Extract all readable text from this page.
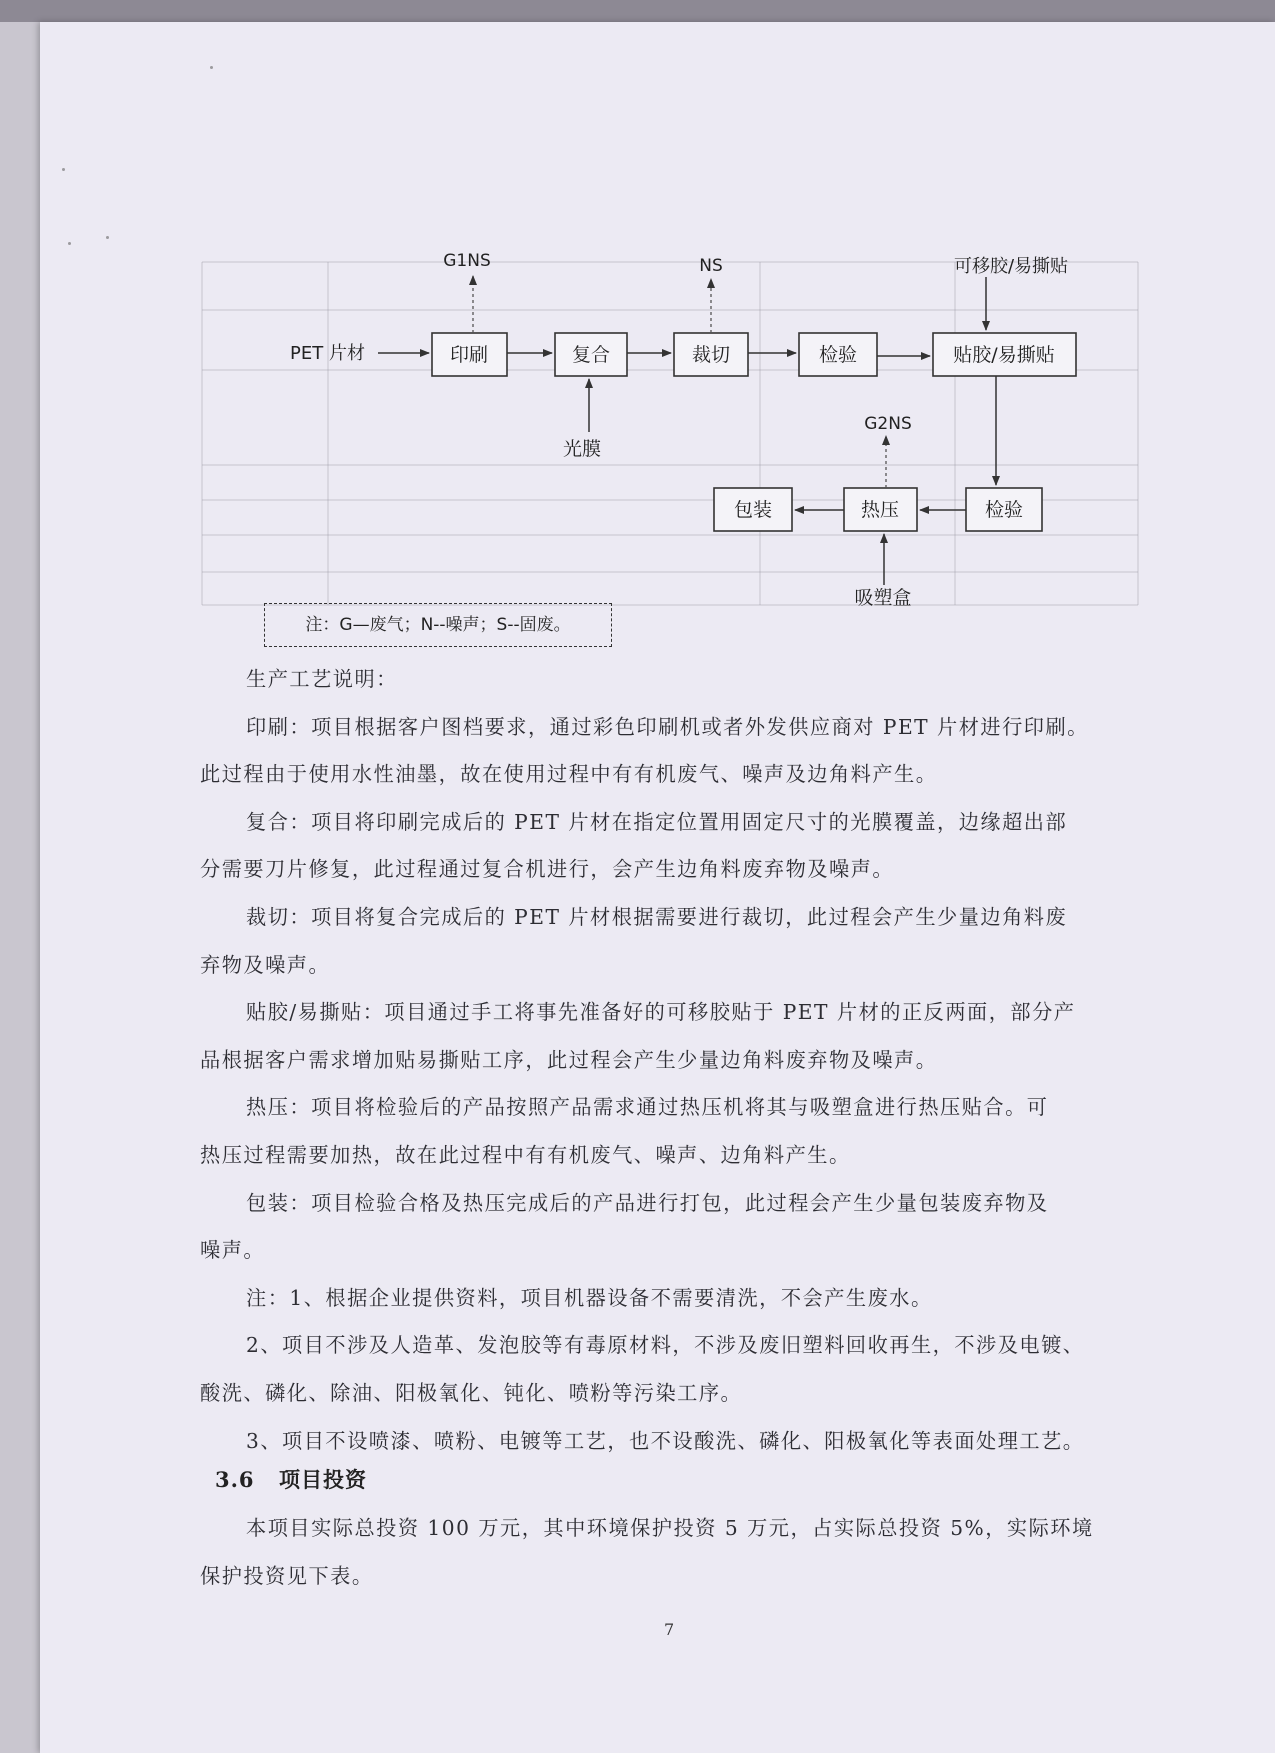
印刷	复合	裁切	检验	贴胶/易撕贴
检验
热压
包装
PET 片材
G1NS	NS	可移胶/易撕贴
光膜
G2NS
吸塑盒
注：G—废气；N--噪声；S--固废。
生产工艺说明：
印刷：项目根据客户图档要求，通过彩色印刷机或者外发供应商对 PET 片材进行印刷。
此过程由于使用水性油墨，故在使用过程中有有机废气、噪声及边角料产生。
复合：项目将印刷完成后的 PET 片材在指定位置用固定尺寸的光膜覆盖，边缘超出部
分需要刀片修复，此过程通过复合机进行，会产生边角料废弃物及噪声。
裁切：项目将复合完成后的 PET 片材根据需要进行裁切，此过程会产生少量边角料废
弃物及噪声。
贴胶/易撕贴：项目通过手工将事先准备好的可移胶贴于 PET 片材的正反两面，部分产
品根据客户需求增加贴易撕贴工序，此过程会产生少量边角料废弃物及噪声。
热压：项目将检验后的产品按照产品需求通过热压机将其与吸塑盒进行热压贴合。可
热压过程需要加热，故在此过程中有有机废气、噪声、边角料产生。
包装：项目检验合格及热压完成后的产品进行打包，此过程会产生少量包装废弃物及
噪声。
注：1、根据企业提供资料，项目机器设备不需要清洗，不会产生废水。
2、项目不涉及人造革、发泡胶等有毒原材料，不涉及废旧塑料回收再生，不涉及电镀、
酸洗、磷化、除油、阳极氧化、钝化、喷粉等污染工序。
3、项目不设喷漆、喷粉、电镀等工艺，也不设酸洗、磷化、阳极氧化等表面处理工艺。
3.6 项目投资
本项目实际总投资 100 万元，其中环境保护投资 5 万元，占实际总投资 5%，实际环境
保护投资见下表。
7
